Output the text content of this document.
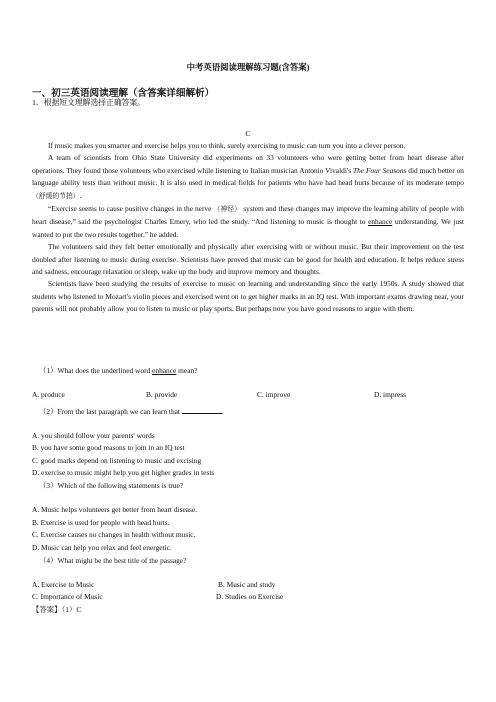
中考英语阅读理解练习题(含答案)
一、初三英语阅读理解（含答案详细解析）
1．根据短文理解选择正确答案。
C

If music makes you smarter and exercise helps you to think, surely exercising to music can turn you into a clever person.

A team of scientists from Ohio State University did experiments on 33 volunteers who were getting better from heart disease after operations. They found those volunteers who exercised while listening to Italian musician Antonio Vivaldi's The Four Seasons did much better on language ability tests than without music. It is also used in medical fields for patients who have had head hurts because of its moderate tempo （舒缓的节拍）.

“Exercise seems to cause positive changes in the nerve （神经） system and these changes may improve the learning ability of people with heart disease,” said the psychologist Charles Emery, who led the study. “And listening to music is thought to enhance understanding. We just wanted to put the two results together,” he added.

The volunteers said they felt better emotionally and physically after exercising with or without music. But their improvement on the test doubled after listening to music during exercise. Scientists have proved that music can be good for health and education. It helps reduce stress and sadness, encourage relaxation or sleep, wake up the body and improve memory and thoughts.

Scientists have been studying the results of exercise to music on learning and understanding since the early 1950s. A study showed that students who listened to Mozart's violin pieces and exercised went on to get higher marks in an IQ test. With important exams drawing near, your parents will not probably allow you to listen to music or play sports. But perhaps now you have good reasons to argue with them.

（1）What does the underlined word enhance mean?
A. produce	B. provide	C. improve	D. impress
（2）From the last paragraph we can learn that	.
A. you should follow your parents' words
B. you have some good reasons to join in an IQ test
C. good marks depend on listening to music and excising
D. exercise to music might help you get higher grades in tests
（3）Which of the following statements is true?
A. Music helps volunteers get better from heart disease.
B. Exercise is used for people with head hurts.
C. Exercise causes no changes in health without music.
D. Music can help you relax and feel energetic.
（4）What might be the best title of the passage?
A. Exercise to Music	B. Music and study
C. Importance of Music	D. Studies on Exercise
【答案】（1）C
